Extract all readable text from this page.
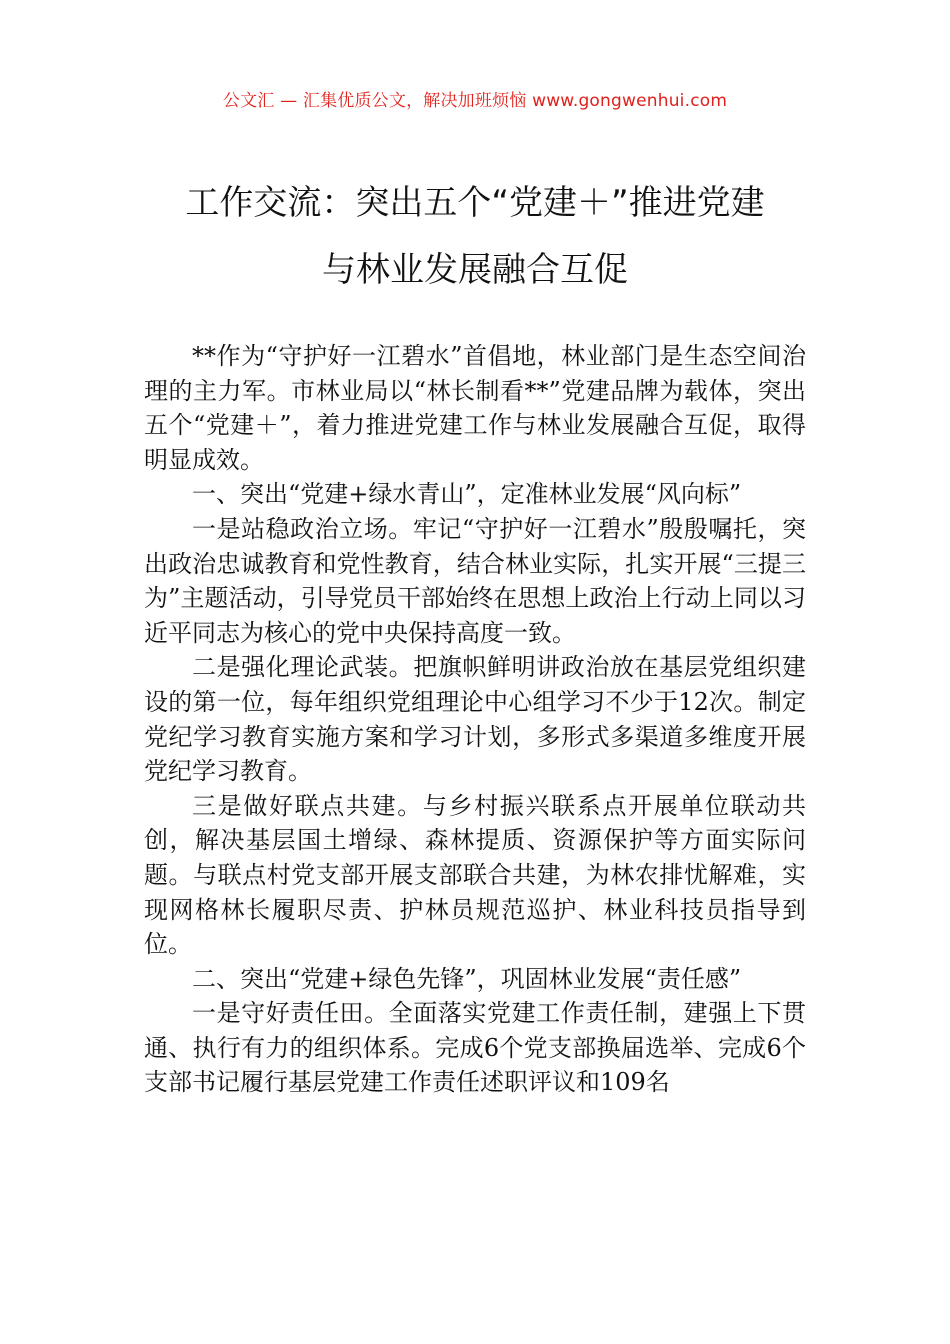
公文汇 — 汇集优质公文，解决加班烦恼 www.gongwenhui.com
工作交流：突出五个“党建＋”推进党建
与林业发展融合互促

**作为“守护好一江碧水”首倡地，林业部门是生态空间治理的主力军。市林业局以“林长制看**”党建品牌为载体，突出五个“党建＋”，着力推进党建工作与林业发展融合互促，取得明显成效。

一、突出“党建+绿水青山”，定准林业发展“风向标”

一是站稳政治立场。牢记“守护好一江碧水”殷殷嘱托，突出政治忠诚教育和党性教育，结合林业实际，扎实开展“三提三为”主题活动，引导党员干部始终在思想上政治上行动上同以习近平同志为核心的党中央保持高度一致。

二是强化理论武装。把旗帜鲜明讲政治放在基层党组织建设的第一位，每年组织党组理论中心组学习不少于12次。制定党纪学习教育实施方案和学习计划，多形式多渠道多维度开展党纪学习教育。

三是做好联点共建。与乡村振兴联系点开展单位联动共创，解决基层国土增绿、森林提质、资源保护等方面实际问题。与联点村党支部开展支部联合共建，为林农排忧解难，实现网格林长履职尽责、护林员规范巡护、林业科技员指导到位。

二、突出“党建+绿色先锋”，巩固林业发展“责任感”

一是守好责任田。全面落实党建工作责任制，建强上下贯通、执行有力的组织体系。完成6个党支部换届选举、完成6个支部书记履行基层党建工作责任述职评议和109名
